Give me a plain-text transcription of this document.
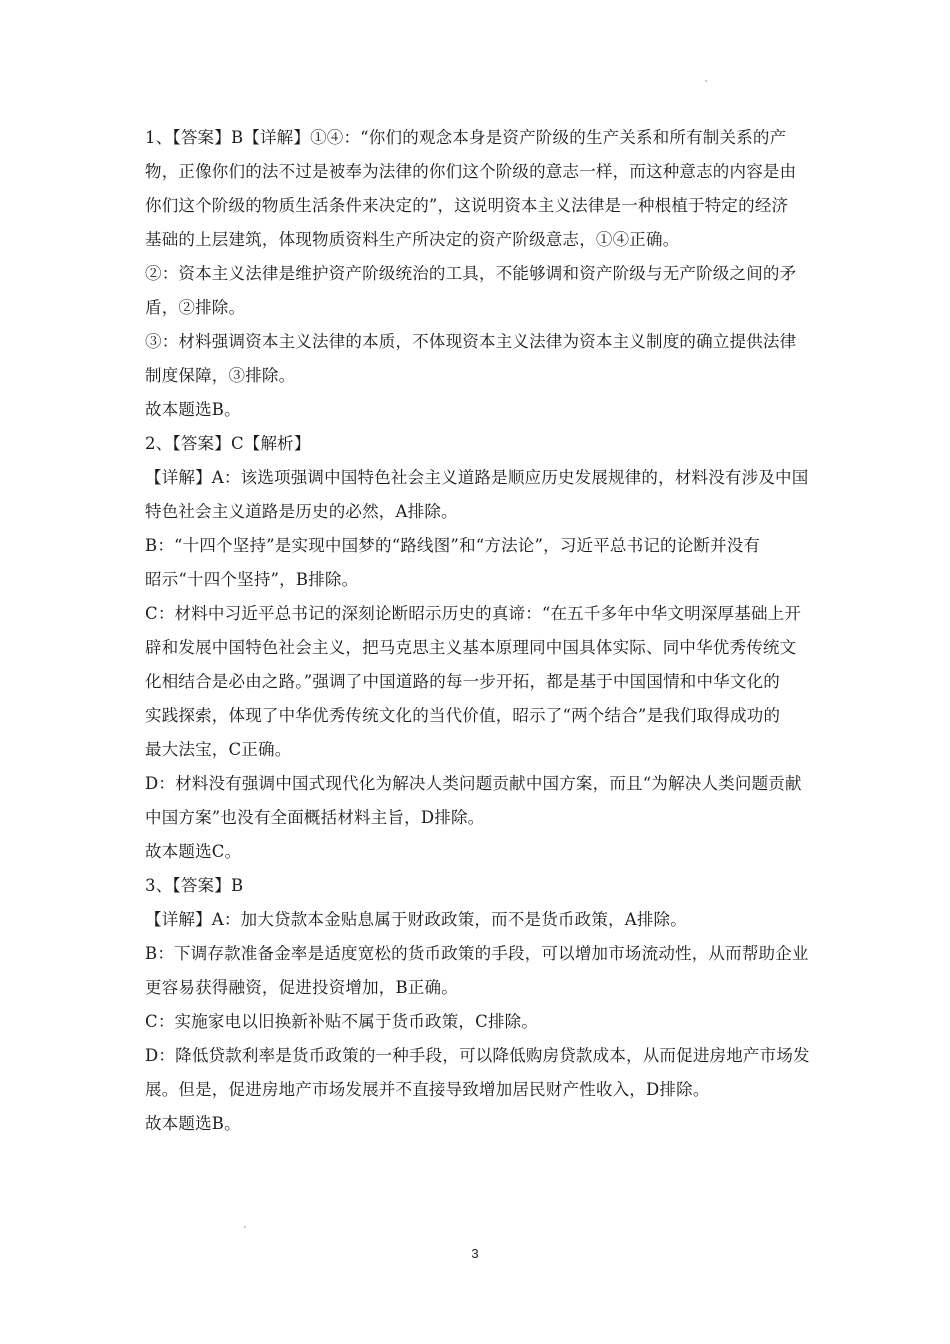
1、【答案】B【详解】①④：“你们的观念本身是资产阶级的生产关系和所有制关系的产
物，正像你们的法不过是被奉为法律的你们这个阶级的意志一样，而这种意志的内容是由
你们这个阶级的物质生活条件来决定的”，这说明资本主义法律是一种根植于特定的经济
基础的上层建筑，体现物质资料生产所决定的资产阶级意志，①④正确。
②：资本主义法律是维护资产阶级统治的工具，不能够调和资产阶级与无产阶级之间的矛
盾，②排除。
③：材料强调资本主义法律的本质，不体现资本主义法律为资本主义制度的确立提供法律
制度保障，③排除。
故本题选B。
2、【答案】C【解析】
【详解】A：该选项强调中国特色社会主义道路是顺应历史发展规律的，材料没有涉及中国
特色社会主义道路是历史的必然，A排除。
B：“十四个坚持”是实现中国梦的“路线图”和“方法论”，习近平总书记的论断并没有
昭示“十四个坚持”，B排除。
C：材料中习近平总书记的深刻论断昭示历史的真谛：“在五千多年中华文明深厚基础上开
辟和发展中国特色社会主义，把马克思主义基本原理同中国具体实际、同中华优秀传统文
化相结合是必由之路。”强调了中国道路的每一步开拓，都是基于中国国情和中华文化的
实践探索，体现了中华优秀传统文化的当代价值，昭示了“两个结合”是我们取得成功的
最大法宝，C正确。
D：材料没有强调中国式现代化为解决人类问题贡献中国方案，而且“为解决人类问题贡献
中国方案”也没有全面概括材料主旨，D排除。
故本题选C。
3、【答案】B
【详解】A：加大贷款本金贴息属于财政政策，而不是货币政策，A排除。
B：下调存款准备金率是适度宽松的货币政策的手段，可以增加市场流动性，从而帮助企业
更容易获得融资，促进投资增加，B正确。
C：实施家电以旧换新补贴不属于货币政策，C排除。
D：降低贷款利率是货币政策的一种手段，可以降低购房贷款成本，从而促进房地产市场发
展。但是，促进房地产市场发展并不直接导致增加居民财产性收入，D排除。
故本题选B。
3
